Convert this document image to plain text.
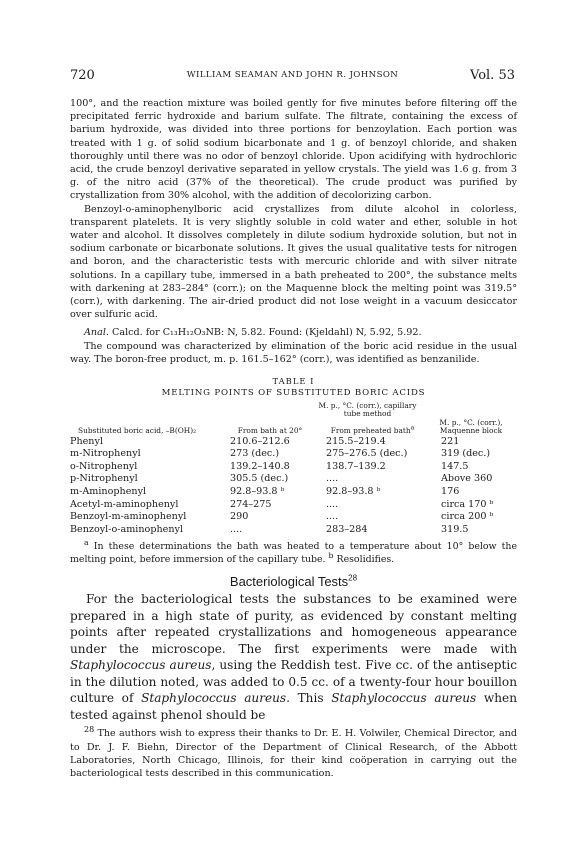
720	WILLIAM SEAMAN AND JOHN R. JOHNSON	Vol. 53

100°, and the reaction mixture was boiled gently for five minutes before filtering off the precipitated ferric hydroxide and barium sulfate. The filtrate, containing the excess of barium hydroxide, was divided into three portions for benzoylation. Each portion was treated with 1 g. of solid sodium bicarbonate and 1 g. of benzoyl chloride, and shaken thoroughly until there was no odor of benzoyl chloride. Upon acidifying with hydrochloric acid, the crude benzoyl derivative separated in yellow crystals. The yield was 1.6 g. from 3 g. of the nitro acid (37% of the theoretical). The crude product was purified by crystallization from 30% alcohol, with the addition of decolorizing carbon.

Benzoyl-o-aminophenylboric acid crystallizes from dilute alcohol in colorless, transparent platelets. It is very slightly soluble in cold water and ether, soluble in hot water and alcohol. It dissolves completely in dilute sodium hydroxide solution, but not in sodium carbonate or bicarbonate solutions. It gives the usual qualitative tests for nitrogen and boron, and the characteristic tests with mercuric chloride and with silver nitrate solutions. In a capillary tube, immersed in a bath preheated to 200°, the substance melts with darkening at 283–284° (corr.); on the Maquenne block the melting point was 319.5° (corr.), with darkening. The air-dried product did not lose weight in a vacuum desiccator over sulfuric acid.

Anal. Calcd. for C₁₃H₁₂O₃NB: N, 5.82. Found: (Kjeldahl) N, 5.92, 5.92.

The compound was characterized by elimination of the boric acid residue in the usual way. The boron-free product, m. p. 161.5–162° (corr.), was identified as benzanilide.

TABLE I
MELTING POINTS OF SUBSTITUTED BORIC ACIDS
	M. p., °C. (corr.), capillary tube method		
Substituted boric acid, –B(OH)₂	From bath at 20°	From preheated bath$^a$	M. p., °C. (corr.), Maquenne block
Phenyl	210.6–212.6	215.5–219.4	221
m-Nitrophenyl	273 (dec.)	275–276.5 (dec.)	319 (dec.)
o-Nitrophenyl	139.2–140.8	138.7–139.2	147.5
p-Nitrophenyl	305.5 (dec.)	....	Above 360
m-Aminophenyl	92.8–93.8 ᵇ	92.8–93.8 ᵇ	176
Acetyl-m-aminophenyl	274–275	....	circa 170 ᵇ
Benzoyl-m-aminophenyl	290	....	circa 200 ᵇ
Benzoyl-o-aminophenyl	....	283–284	319.5

$^a$ In these determinations the bath was heated to a temperature about 10° below the melting point, before immersion of the capillary tube. $^b$ Resolidifies.

Bacteriological Tests$^{28}$

For the bacteriological tests the substances to be examined were prepared in a high state of purity, as evidenced by constant melting points after repeated crystallizations and homogeneous appearance under the microscope. The first experiments were made with Staphylococcus aureus, using the Reddish test. Five cc. of the antiseptic in the dilution noted, was added to 0.5 cc. of a twenty-four hour bouillon culture of Staphylococcus aureus. This Staphylococcus aureus when tested against phenol should be

$^{28}$ The authors wish to express their thanks to Dr. E. H. Volwiler, Chemical Director, and to Dr. J. F. Biehn, Director of the Department of Clinical Research, of the Abbott Laboratories, North Chicago, Illinois, for their kind coöperation in carrying out the bacteriological tests described in this communication.
